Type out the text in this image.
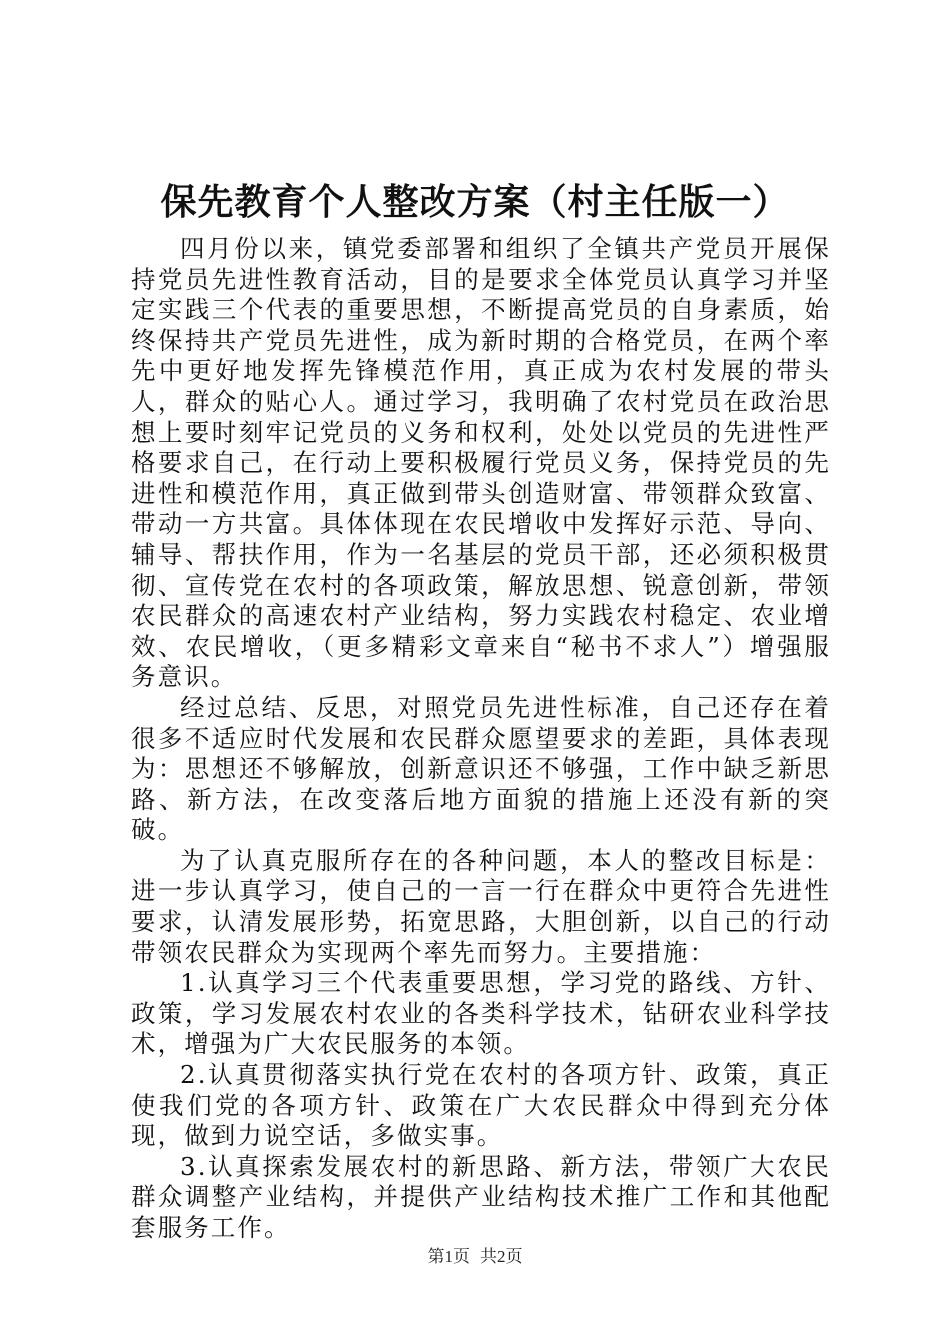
保先教育个人整改方案（村主任版一）

四月份以来，镇党委部署和组织了全镇共产党员开展保持党员先进性教育活动，目的是要求全体党员认真学习并坚定实践三个代表的重要思想，不断提高党员的自身素质，始终保持共产党员先进性，成为新时期的合格党员，在两个率先中更好地发挥先锋模范作用，真正成为农村发展的带头人，群众的贴心人。通过学习，我明确了农村党员在政治思想上要时刻牢记党员的义务和权利，处处以党员的先进性严格要求自己，在行动上要积极履行党员义务，保持党员的先进性和模范作用，真正做到带头创造财富、带领群众致富、带动一方共富。具体体现在农民增收中发挥好示范、导向、辅导、帮扶作用，作为一名基层的党员干部，还必须积极贯彻、宣传党在农村的各项政策，解放思想、锐意创新，带领农民群众的高速农村产业结构，努力实践农村稳定、农业增效、农民增收，（更多精彩文章来自“秘书不求人”）增强服务意识。

经过总结、反思，对照党员先进性标准，自己还存在着很多不适应时代发展和农民群众愿望要求的差距，具体表现为：思想还不够解放，创新意识还不够强，工作中缺乏新思路、新方法，在改变落后地方面貌的措施上还没有新的突破。

为了认真克服所存在的各种问题，本人的整改目标是：进一步认真学习，使自己的一言一行在群众中更符合先进性要求，认清发展形势，拓宽思路，大胆创新，以自己的行动带领农民群众为实现两个率先而努力。主要措施：

1.认真学习三个代表重要思想，学习党的路线、方针、政策，学习发展农村农业的各类科学技术，钻研农业科学技术，增强为广大农民服务的本领。

2.认真贯彻落实执行党在农村的各项方针、政策，真正使我们党的各项方针、政策在广大农民群众中得到充分体现，做到力说空话，多做实事。

3.认真探索发展农村的新思路、新方法，带领广大农民群众调整产业结构，并提供产业结构技术推广工作和其他配套服务工作。

第1页 共2页
